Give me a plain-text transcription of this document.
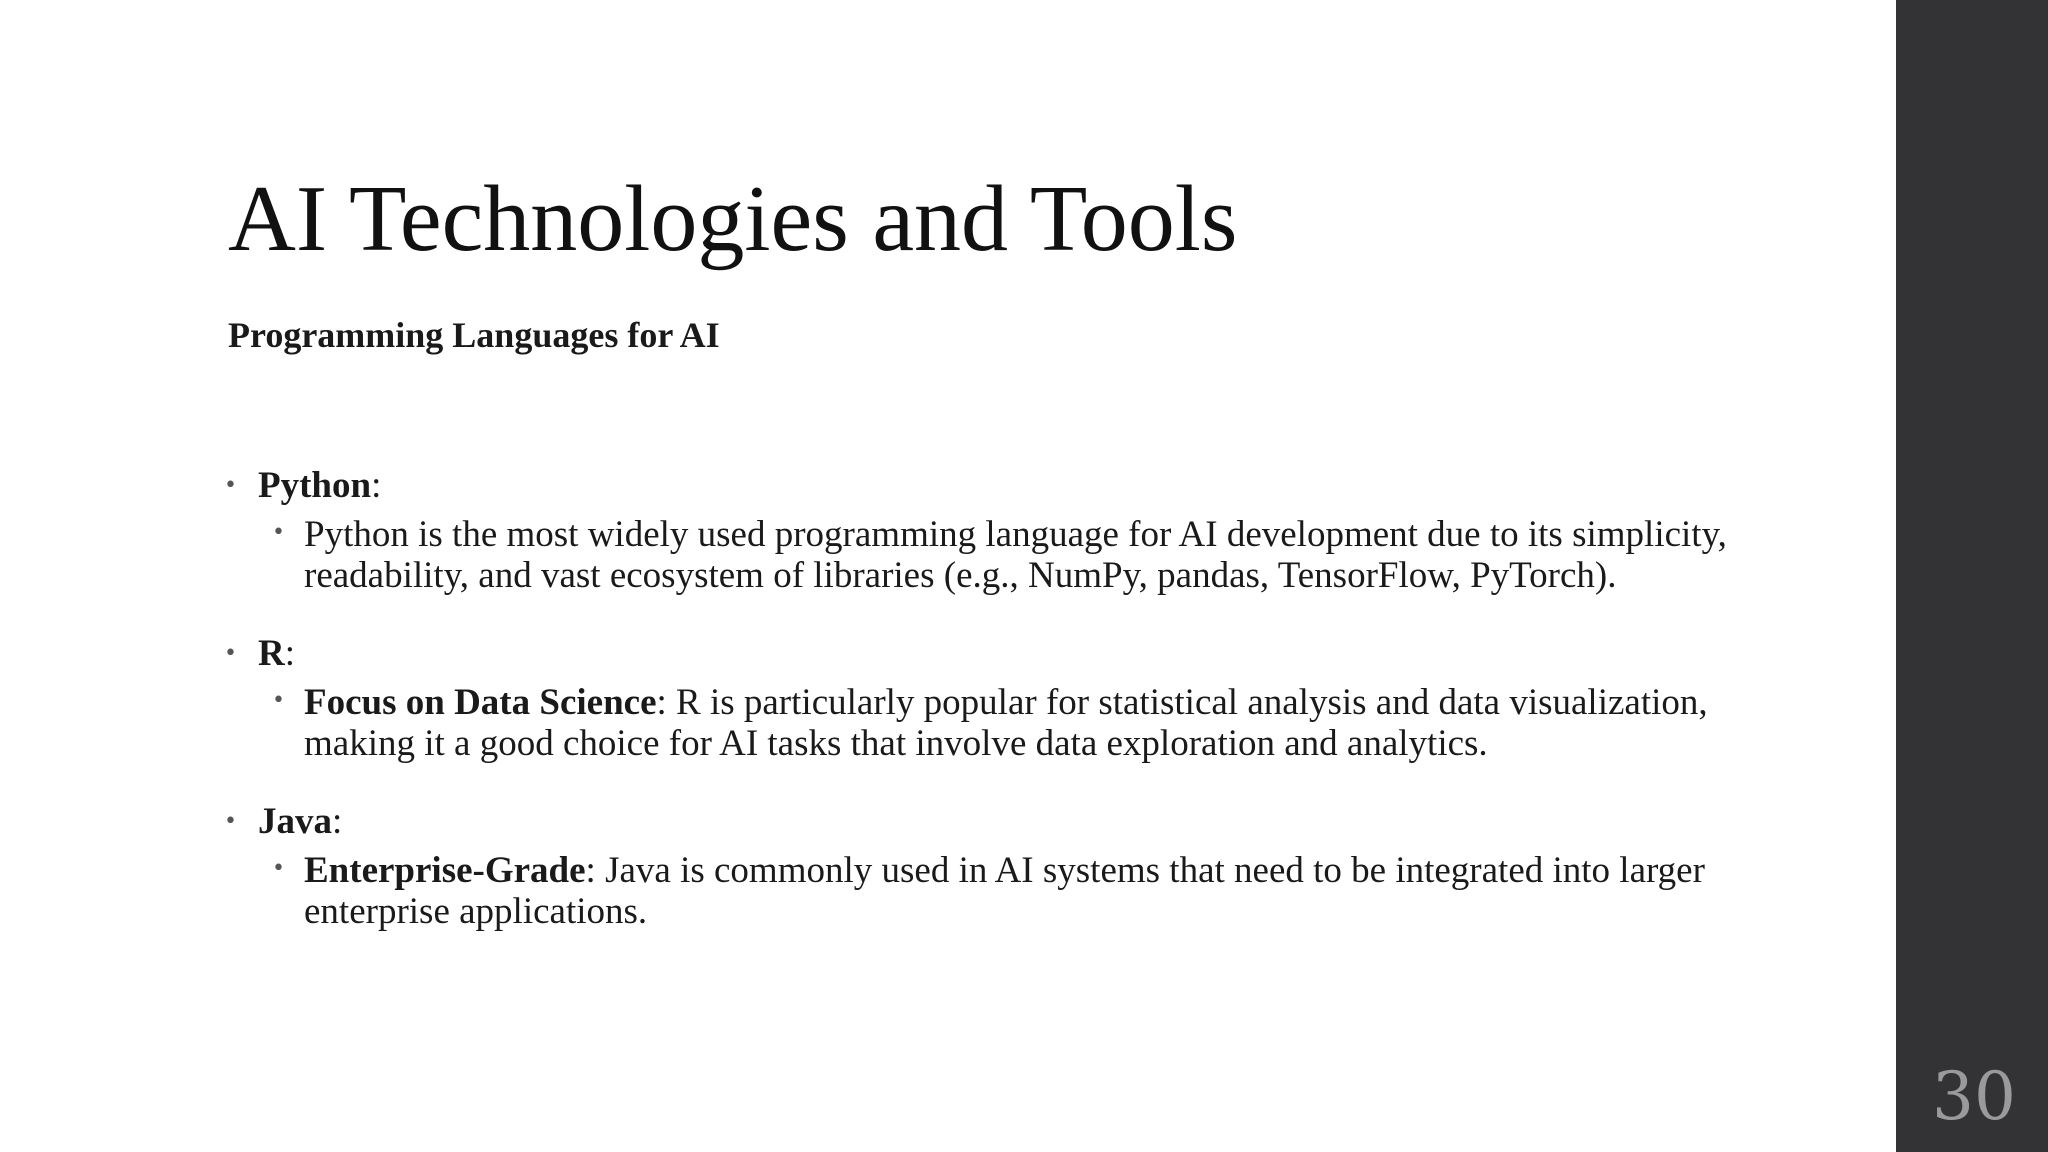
AI Technologies and Tools
Programming Languages for AI
• Python:
• Python is the most widely used programming language for AI development due to its simplicity, readability, and vast ecosystem of libraries (e.g., NumPy, pandas, TensorFlow, PyTorch).
• R:
• Focus on Data Science: R is particularly popular for statistical analysis and data visualization, making it a good choice for AI tasks that involve data exploration and analytics.
• Java:
• Enterprise-Grade: Java is commonly used in AI systems that need to be integrated into larger enterprise applications.
30
